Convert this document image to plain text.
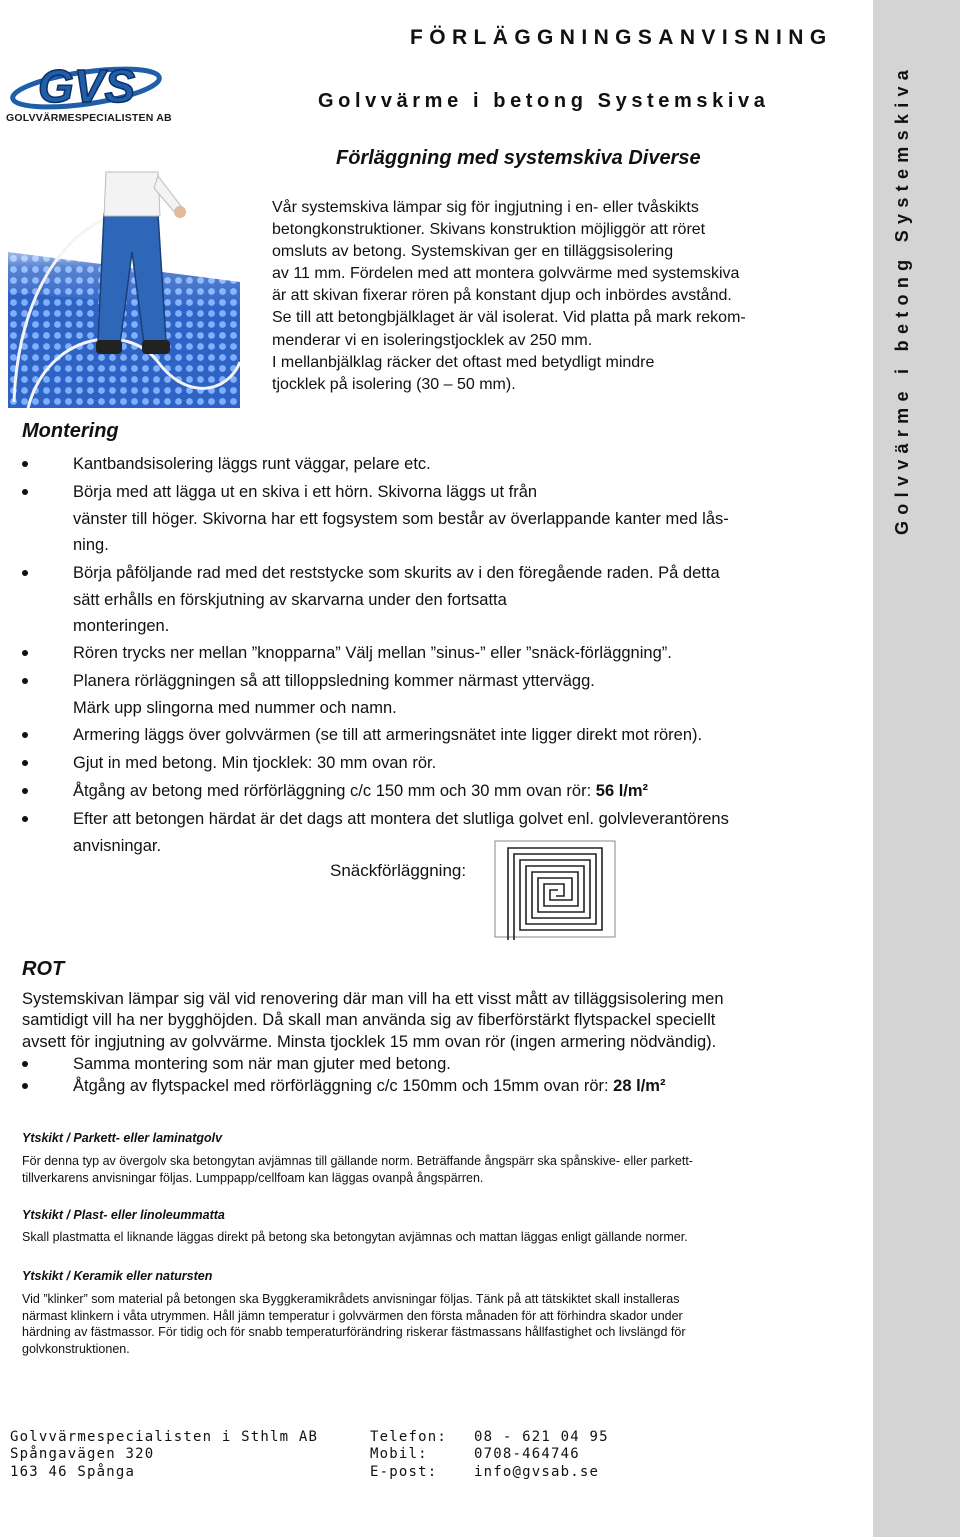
Golvvärme i betong Systemskiva
FÖRLÄGGNINGSANVISNING
Golvvärme i betong Systemskiva
GVS
GOLVVÄRMESPECIALISTEN AB
Förläggning med systemskiva Diverse
Vår systemskiva lämpar sig för ingjutning i en- eller tvåskikts
betongkonstruktioner. Skivans konstruktion möjliggör att röret
omsluts av betong. Systemskivan ger en tilläggsisolering
av 11 mm. Fördelen med att montera golvvärme med systemskiva
är att skivan fixerar rören på konstant djup och inbördes avstånd.
Se till att betongbjälklaget är väl isolerat. Vid platta på mark rekom-
menderar vi en isoleringstjocklek av 250 mm.
I mellanbjälklag räcker det oftast med betydligt mindre
tjocklek på isolering (30 – 50 mm).
Montering
Kantbandsisolering läggs runt väggar, pelare etc.
Börja med att lägga ut en skiva i ett hörn. Skivorna läggs ut från
vänster till höger. Skivorna har ett fogsystem som består av överlappande kanter med lås-
ning.
Börja påföljande rad med det reststycke som skurits av i den föregående raden. På detta
sätt erhålls en förskjutning av skarvarna under den fortsatta
monteringen.
Rören trycks ner mellan ”knopparna” Välj mellan ”sinus-” eller ”snäck-förläggning”.
Planera rörläggningen så att tilloppsledning kommer närmast yttervägg.
Märk upp slingorna med nummer och namn.
Armering läggs över golvvärmen (se till att armeringsnätet inte ligger direkt mot rören).
Gjut in med betong. Min tjocklek: 30 mm ovan rör.
Åtgång av betong med rörförläggning c/c 150 mm och 30 mm ovan rör: 56 l/m²
Efter att betongen härdat är det dags att montera det slutliga golvet enl. golvleverantörens
anvisningar.
Snäckförläggning:
ROT
Systemskivan lämpar sig väl vid renovering där man vill ha ett visst mått av tilläggsisolering men
samtidigt vill ha ner bygghöjden. Då skall man använda sig av fiberförstärkt flytspackel speciellt
avsett för ingjutning av golvvärme. Minsta tjocklek 15 mm ovan rör (ingen armering nödvändig).
Samma montering som när man gjuter med betong.
Åtgång av flytspackel med rörförläggning c/c 150mm och 15mm ovan rör: 28 l/m²
Ytskikt / Parkett- eller laminatgolv
För denna typ av övergolv ska betongytan avjämnas till gällande norm. Beträffande ångspärr ska spånskive- eller parkett-
tillverkarens anvisningar följas. Lumppapp/cellfoam kan läggas ovanpå ångspärren.
Ytskikt / Plast- eller linoleummatta
Skall plastmatta el liknande läggas direkt på betong ska betongytan avjämnas och mattan läggas enligt gällande normer.
Ytskikt / Keramik eller natursten
Vid ”klinker” som material på betongen ska Byggkeramikrådets anvisningar följas. Tänk på att tätskiktet skall installeras
närmast klinkern i våta utrymmen. Håll jämn temperatur i golvvärmen den första månaden för att förhindra skador under
härdning av fästmassor. För tidig och för snabb temperaturförändring riskerar fästmassans hållfastighet och livslängd för
golvkonstruktionen.
Golvvärmespecialisten i Sthlm AB
Spångavägen 320
163 46 Spånga
Telefon:
Mobil:
E-post:
08 - 621 04 95
0708-464746
info@gvsab.se
